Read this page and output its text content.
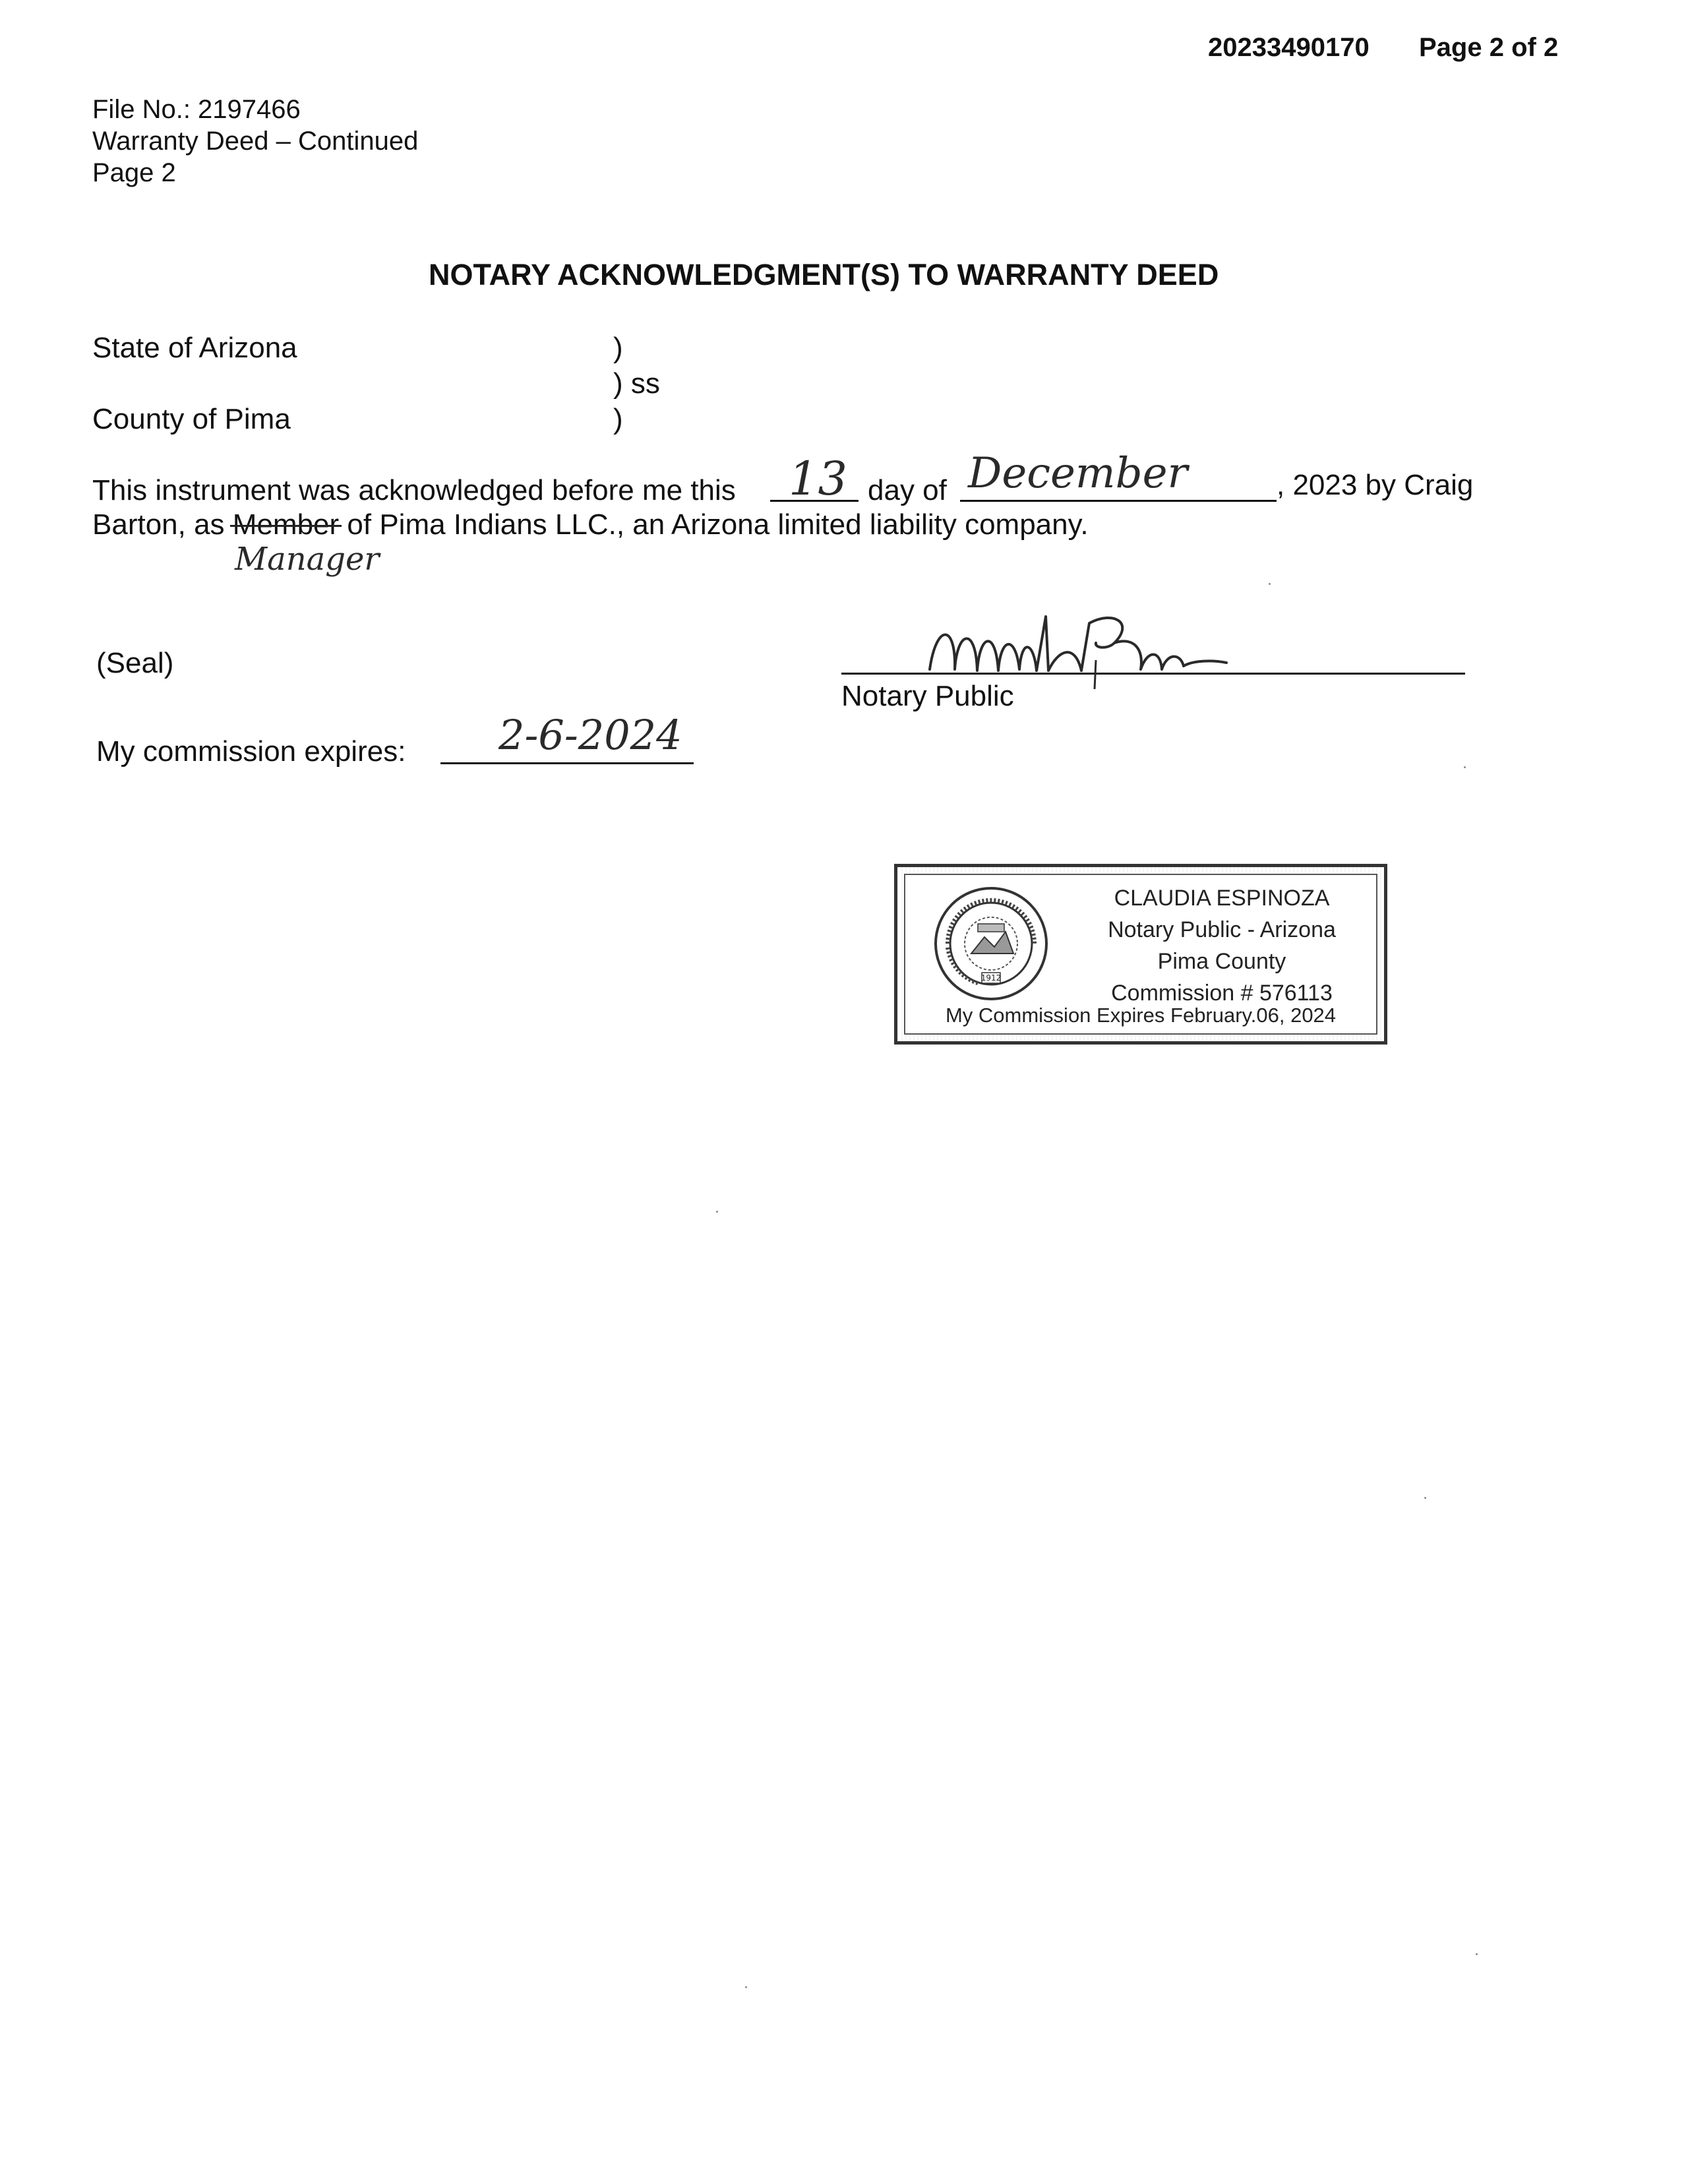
20233490170 Page 2 of 2
File No.: 2197466
Warranty Deed – Continued
Page 2
NOTARY ACKNOWLEDGMENT(S) TO WARRANTY DEED
State of Arizona	)
) ss
County of Pima	)
This instrument was acknowledged before me this 13 day of December	, 2023 by Craig
Barton, as Member of Pima Indians LLC., an Arizona limited liability company.
Manager
(Seal)
Notary Public
My commission expires: 2-6-2024
1912
CLAUDIA ESPINOZA
Notary Public - Arizona
Pima County
Commission # 576113
My Commission Expires February.06, 2024
